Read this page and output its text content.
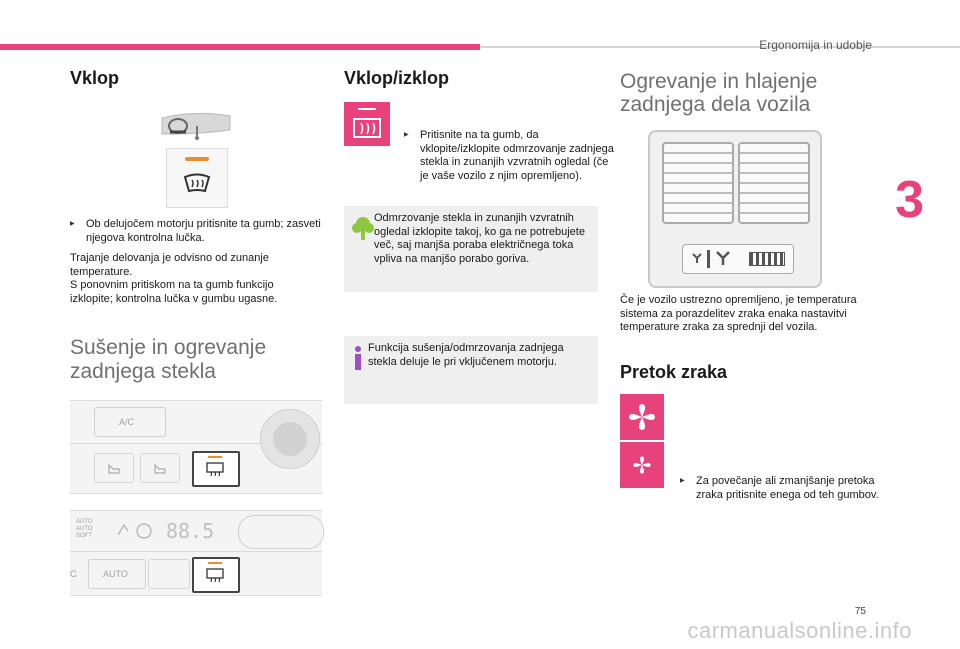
Ergonomija in udobje
3
Vklop
▶︎ Ob delujočem motorju pritisnite ta gumb; zasveti njegova kontrolna lučka.
Trajanje delovanja je odvisno od zunanje temperature.
S ponovnim pritiskom na ta gumb funkcijo izklopite; kontrolna lučka v gumbu ugasne.
Sušenje in ogrevanje
zadnjega stekla
A/C
AUTO
AUTO
SOFT	88.5
C	AUTO
Vklop/izklop
▶︎ Pritisnite na ta gumb, da vklopite/izklopite odmrzovanje zadnjega stekla in zunanjih vzvratnih ogledal (če je vaše vozilo z njim opremljeno).
Odmrzovanje stekla in zunanjih vzvratnih ogledal izklopite takoj, ko ga ne potrebujete več, saj manjša poraba električnega toka vpliva na manjšo porabo goriva.
Funkcija sušenja/odmrzovanja zadnjega stekla deluje le pri vključenem motorju.
Ogrevanje in hlajenje
zadnjega dela vozila
Če je vozilo ustrezno opremljeno, je temperatura sistema za porazdelitev zraka enaka nastavitvi temperature zraka za sprednji del vozila.
Pretok zraka
▶︎ Za povečanje ali zmanjšanje pretoka zraka pritisnite enega od teh gumbov.
75
carmanualsonline.info
